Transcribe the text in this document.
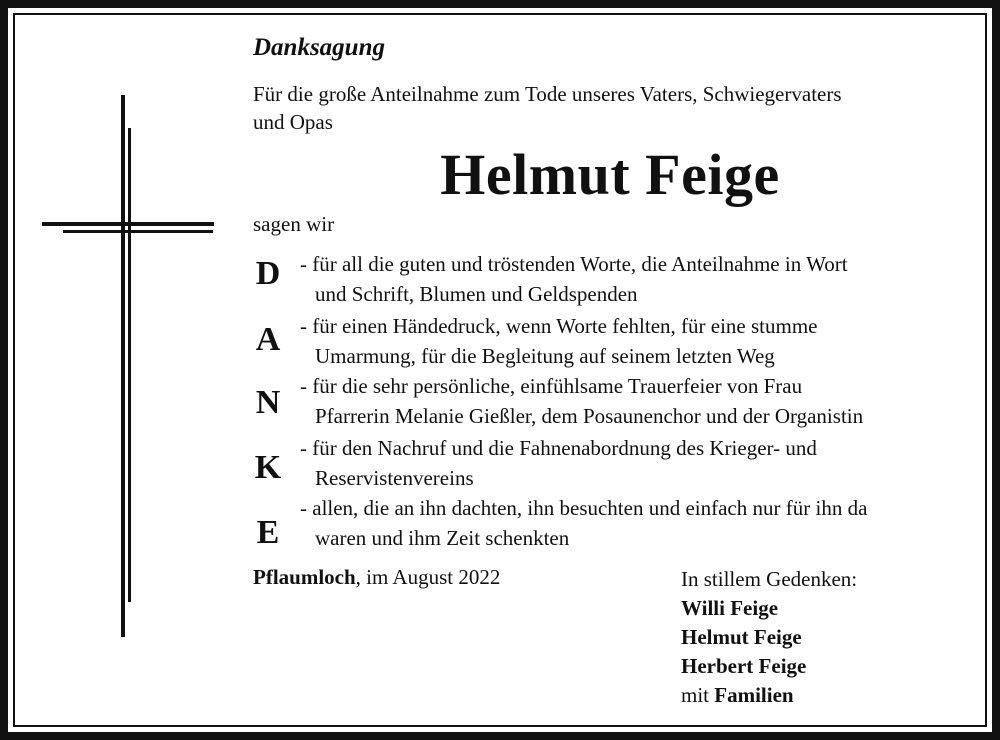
Danksagung
Für die große Anteilnahme zum Tode unseres Vaters, Schwiegervaters
und Opas
Helmut Feige
sagen wir
D - für all die guten und tröstenden Worte, die Anteilnahme in Wort
und Schrift, Blumen und Geldspenden
A - für einen Händedruck, wenn Worte fehlten, für eine stumme
Umarmung, für die Begleitung auf seinem letzten Weg
N - für die sehr persönliche, einfühlsame Trauerfeier von Frau
Pfarrerin Melanie Gießler, dem Posaunenchor und der Organistin
K
- für den Nachruf und die Fahnenabordnung des Krieger- und
Reservistenvereins
E
- allen, die an ihn dachten, ihn besuchten und einfach nur für ihn da
waren und ihm Zeit schenkten
Pflaumloch, im August 2022	In stillem Gedenken:
Willi Feige
Helmut Feige
Herbert Feige
mit Familien
